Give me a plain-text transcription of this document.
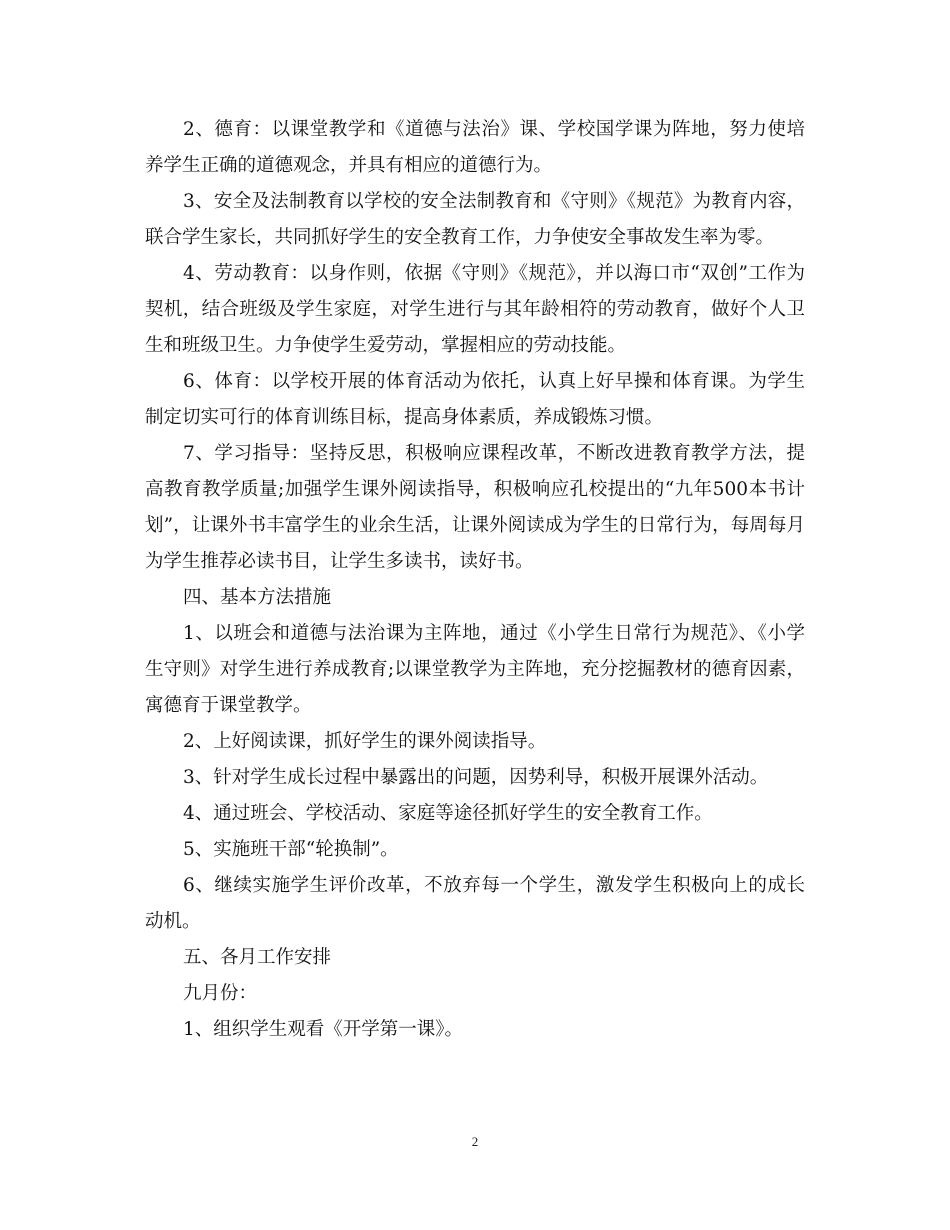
2、德育：以课堂教学和《道德与法治》课、学校国学课为阵地，努力使培养学生正确的道德观念，并具有相应的道德行为。

3、安全及法制教育以学校的安全法制教育和《守则》《规范》为教育内容，联合学生家长，共同抓好学生的安全教育工作，力争使安全事故发生率为零。

4、劳动教育：以身作则，依据《守则》《规范》，并以海口市“双创”工作为契机，结合班级及学生家庭，对学生进行与其年龄相符的劳动教育，做好个人卫生和班级卫生。力争使学生爱劳动，掌握相应的劳动技能。

6、体育：以学校开展的体育活动为依托，认真上好早操和体育课。为学生制定切实可行的体育训练目标，提高身体素质，养成锻炼习惯。

7、学习指导：坚持反思，积极响应课程改革，不断改进教育教学方法，提高教育教学质量;加强学生课外阅读指导，积极响应孔校提出的“九年500本书计划”，让课外书丰富学生的业余生活，让课外阅读成为学生的日常行为，每周每月为学生推荐必读书目，让学生多读书，读好书。

四、基本方法措施

1、以班会和道德与法治课为主阵地，通过《小学生日常行为规范》、《小学生守则》对学生进行养成教育;以课堂教学为主阵地，充分挖掘教材的德育因素，寓德育于课堂教学。

2、上好阅读课，抓好学生的课外阅读指导。

3、针对学生成长过程中暴露出的问题，因势利导，积极开展课外活动。

4、通过班会、学校活动、家庭等途径抓好学生的安全教育工作。

5、实施班干部“轮换制”。

6、继续实施学生评价改革，不放弃每一个学生，激发学生积极向上的成长动机。

五、各月工作安排

九月份：

1、组织学生观看《开学第一课》。

2
